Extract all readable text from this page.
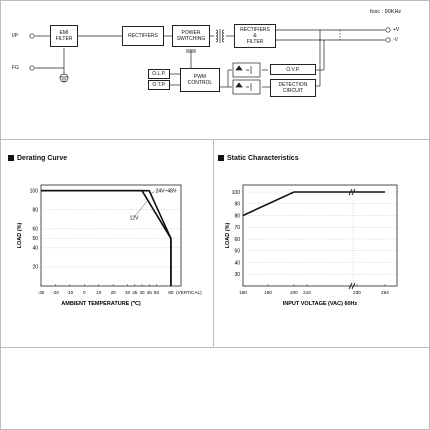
fosc : 90KHz
I/P
FG
EMI
FILTER	RECTIFIERS	POWER
SWITCHING
RECTIFIERS
&
FILTER
O.L.P.
O.T.P.
PWM
CONTROL
O.V.P.
DETECTION
CIRCUIT
+V
-V
Derating Curve
100
80
60
50
40
20
-30 -20 -10 0 10 20 30 35 40 45 50 60 (VERTICAL)
24V~48V
12V
AMBIENT TEMPERATURE (℃)
LOAD (%)
Static Characteristics
100
90
80
70
60
50
40
30
180	190	200 210	230	264
INPUT VOLTAGE (VAC) 60Hz
LOAD (%)
